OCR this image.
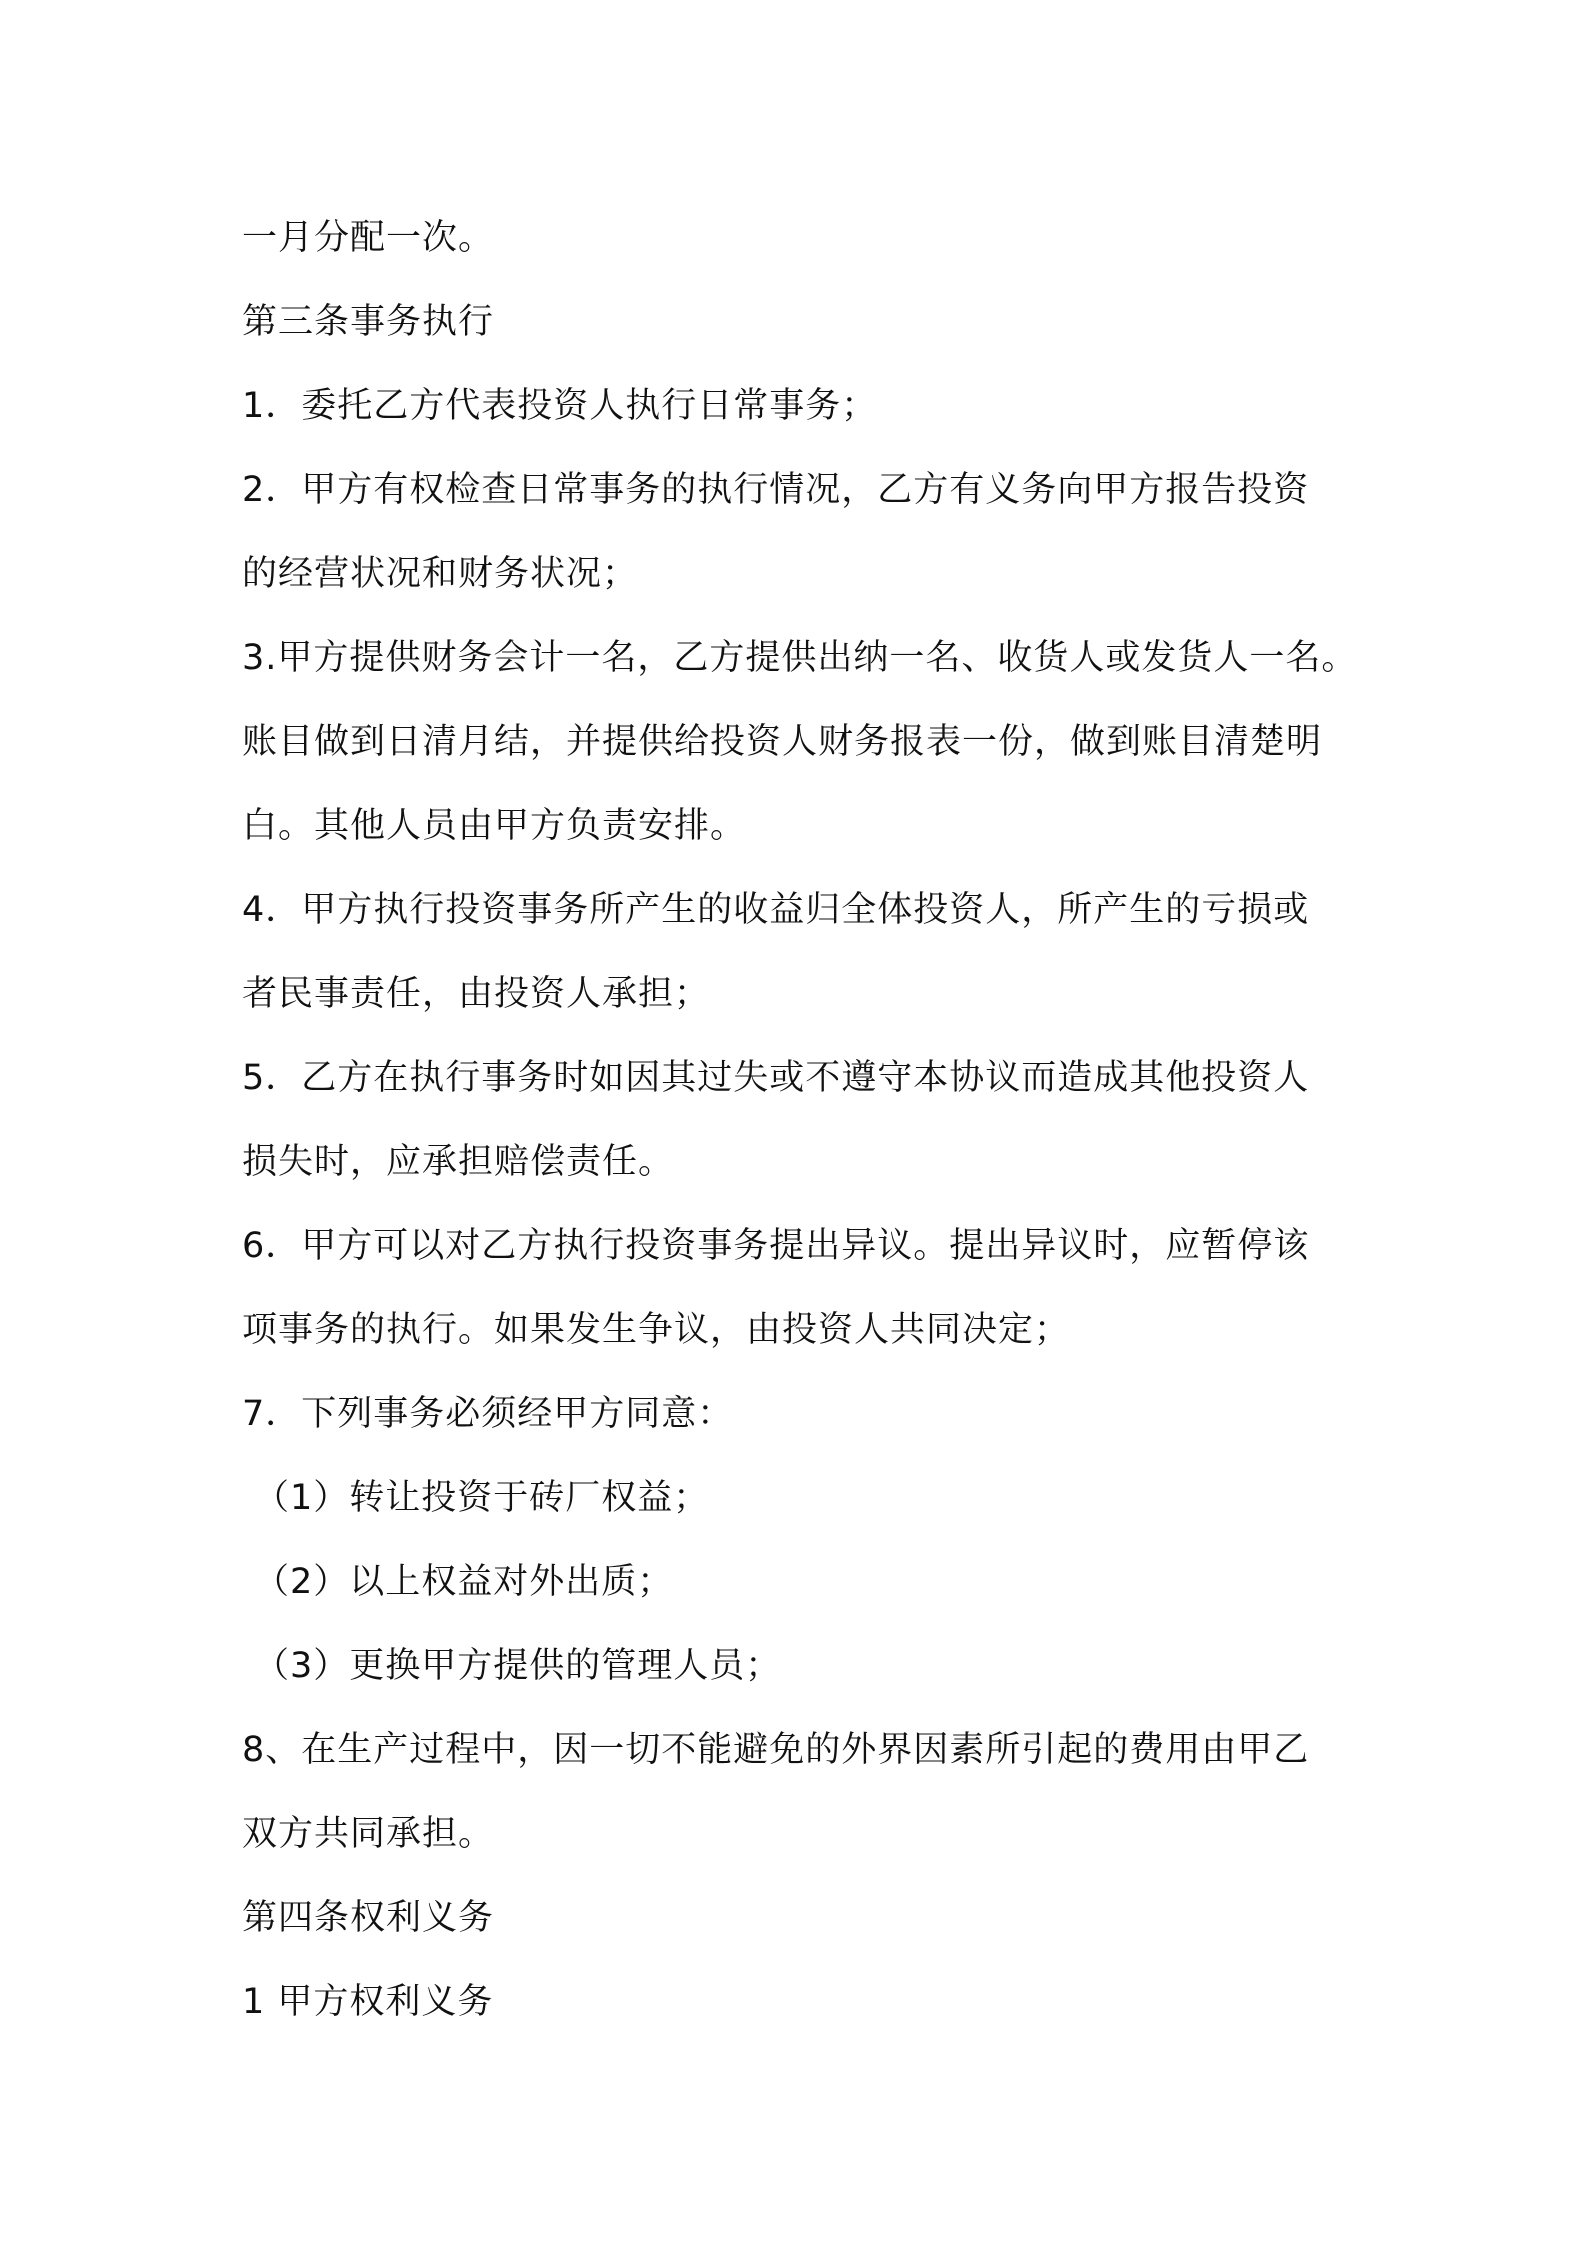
一月分配一次。
第三条事务执行
1．委托乙方代表投资人执行日常事务；
2．甲方有权检查日常事务的执行情况，乙方有义务向甲方报告投资
的经营状况和财务状况；
3.甲方提供财务会计一名，乙方提供出纳一名、收货人或发货人一名。
账目做到日清月结，并提供给投资人财务报表一份，做到账目清楚明
白。其他人员由甲方负责安排。
4．甲方执行投资事务所产生的收益归全体投资人，所产生的亏损或
者民事责任，由投资人承担；
5．乙方在执行事务时如因其过失或不遵守本协议而造成其他投资人
损失时，应承担赔偿责任。
6．甲方可以对乙方执行投资事务提出异议。提出异议时，应暂停该
项事务的执行。如果发生争议，由投资人共同决定；
7．下列事务必须经甲方同意：
（1）转让投资于砖厂权益；
（2）以上权益对外出质；
（3）更换甲方提供的管理人员；
8、在生产过程中，因一切不能避免的外界因素所引起的费用由甲乙
双方共同承担。
第四条权利义务
1 甲方权利义务
